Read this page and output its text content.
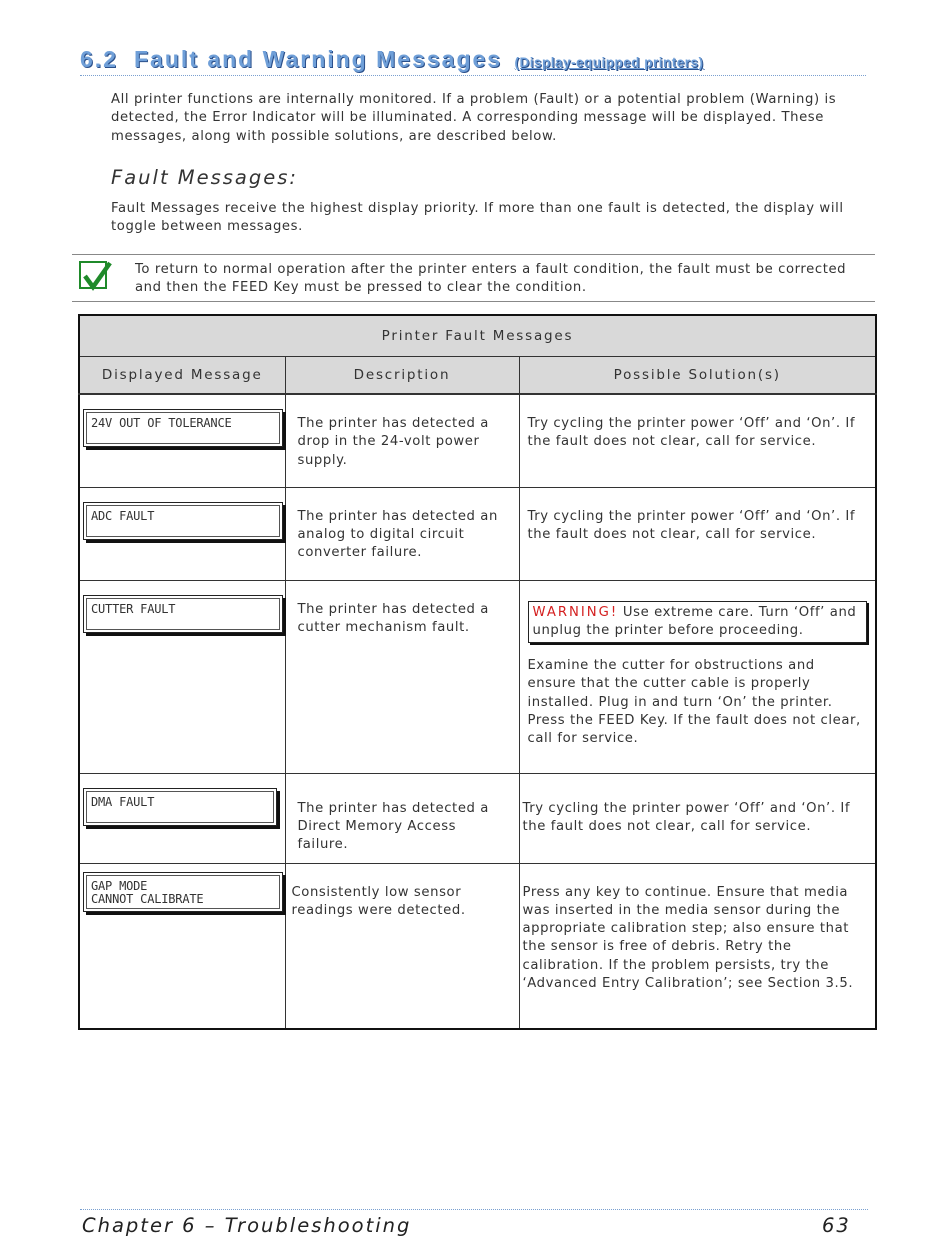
6.2 Fault and Warning Messages (Display-equipped printers)
All printer functions are internally monitored. If a problem (Fault) or a potential problem (Warning) is detected, the Error Indicator will be illuminated. A corresponding message will be displayed. These messages, along with possible solutions, are described below.
Fault Messages:
Fault Messages receive the highest display priority. If more than one fault is detected, the display will toggle between messages.
To return to normal operation after the printer enters a fault condition, the fault must be corrected and then the FEED Key must be pressed to clear the condition.
Printer Fault Messages		
Displayed Message	Description	Possible Solution(s)

24V OUT OF TOLERANCE	The printer has detected a drop in the 24-volt power supply.	Try cycling the printer power ‘Off’ and ‘On’. If the fault does not clear, call for service.

ADC FAULT	The printer has detected an analog to digital circuit converter failure.	Try cycling the printer power ‘Off’ and ‘On’. If the fault does not clear, call for service.

CUTTER FAULT	The printer has detected a cutter mechanism fault.	WARNING! Use extreme care. Turn ‘Off’ and unplug the printer before proceeding.
Examine the cutter for obstructions and ensure that the cutter cable is properly installed. Plug in and turn ‘On’ the printer. Press the FEED Key. If the fault does not clear, call for service.

DMA FAULT	The printer has detected a Direct Memory Access failure.	Try cycling the printer power ‘Off’ and ‘On’. If the fault does not clear, call for service.

GAP MODE
CANNOT CALIBRATE	Consistently low sensor readings were detected.	Press any key to continue. Ensure that media was inserted in the media sensor during the appropriate calibration step; also ensure that the sensor is free of debris. Retry the calibration. If the problem persists, try the ‘Advanced Entry Calibration’; see Section 3.5.
Chapter 6 – Troubleshooting	63
